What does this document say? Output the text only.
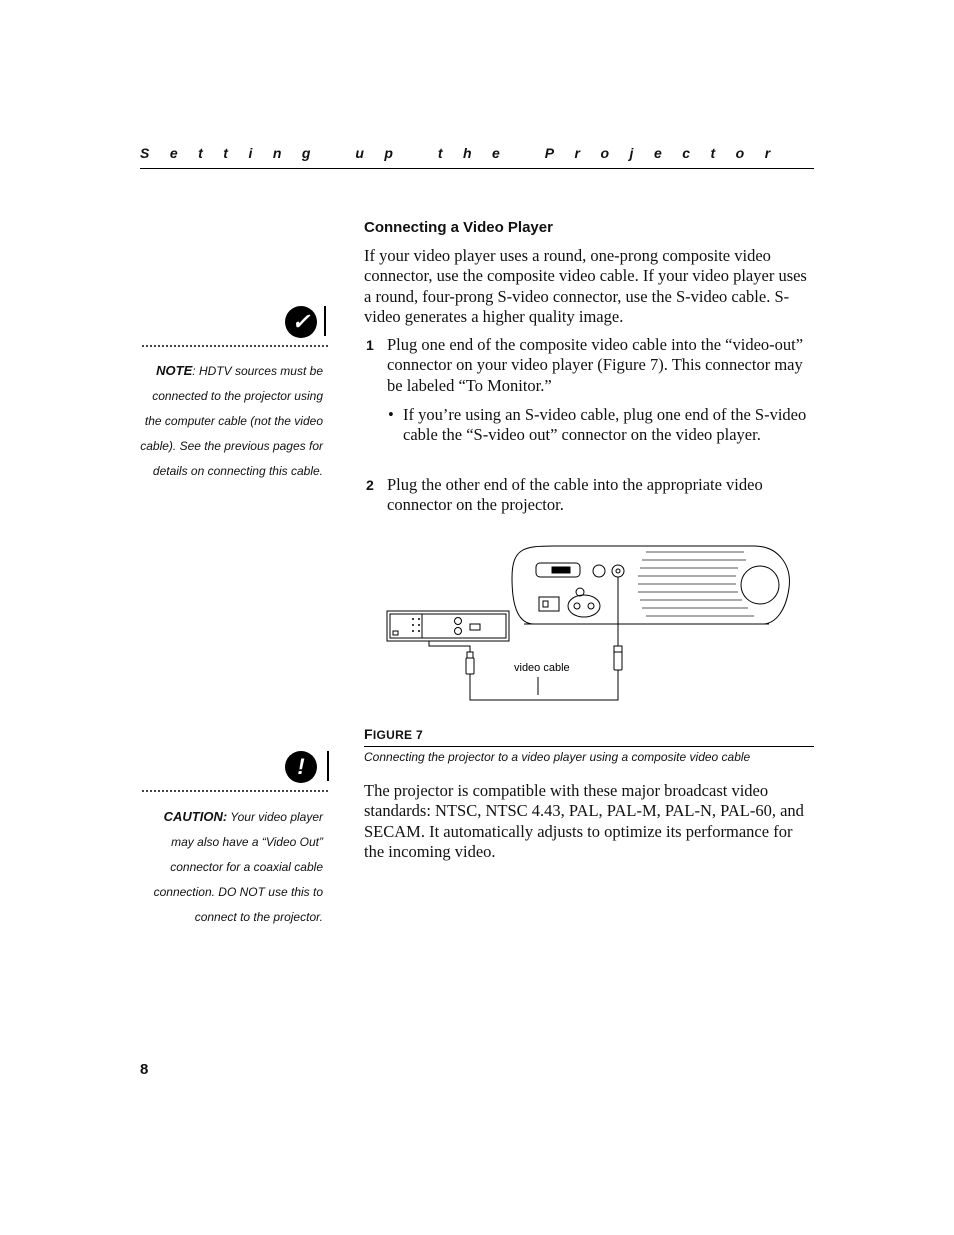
Setting up the Projector
Connecting a Video Player
If your video player uses a round, one-prong composite video connector, use the composite video cable. If your video player uses a round, four-prong S-video connector, use the S-video cable. S-video generates a higher quality image.
1 Plug one end of the composite video cable into the “video-out” connector on your video player (Figure 7). This connector may be labeled “To Monitor.”
• If you’re using an S-video cable, plug one end of the S-video cable the “S-video out” connector on the video player.
2 Plug the other end of the cable into the appropriate video connector on the projector.
✓
NOTE: HDTV sources must be connected to the projector using the computer cable (not the video cable). See the previous pages for details on connecting this cable.
video cable
FIGURE 7
Connecting the projector to a video player using a composite video cable
!
CAUTION: Your video player may also have a “Video Out” connector for a coaxial cable connection. DO NOT use this to connect to the projector.
The projector is compatible with these major broadcast video standards: NTSC, NTSC 4.43, PAL, PAL-M, PAL-N, PAL-60, and SECAM. It automatically adjusts to optimize its performance for the incoming video.
8
